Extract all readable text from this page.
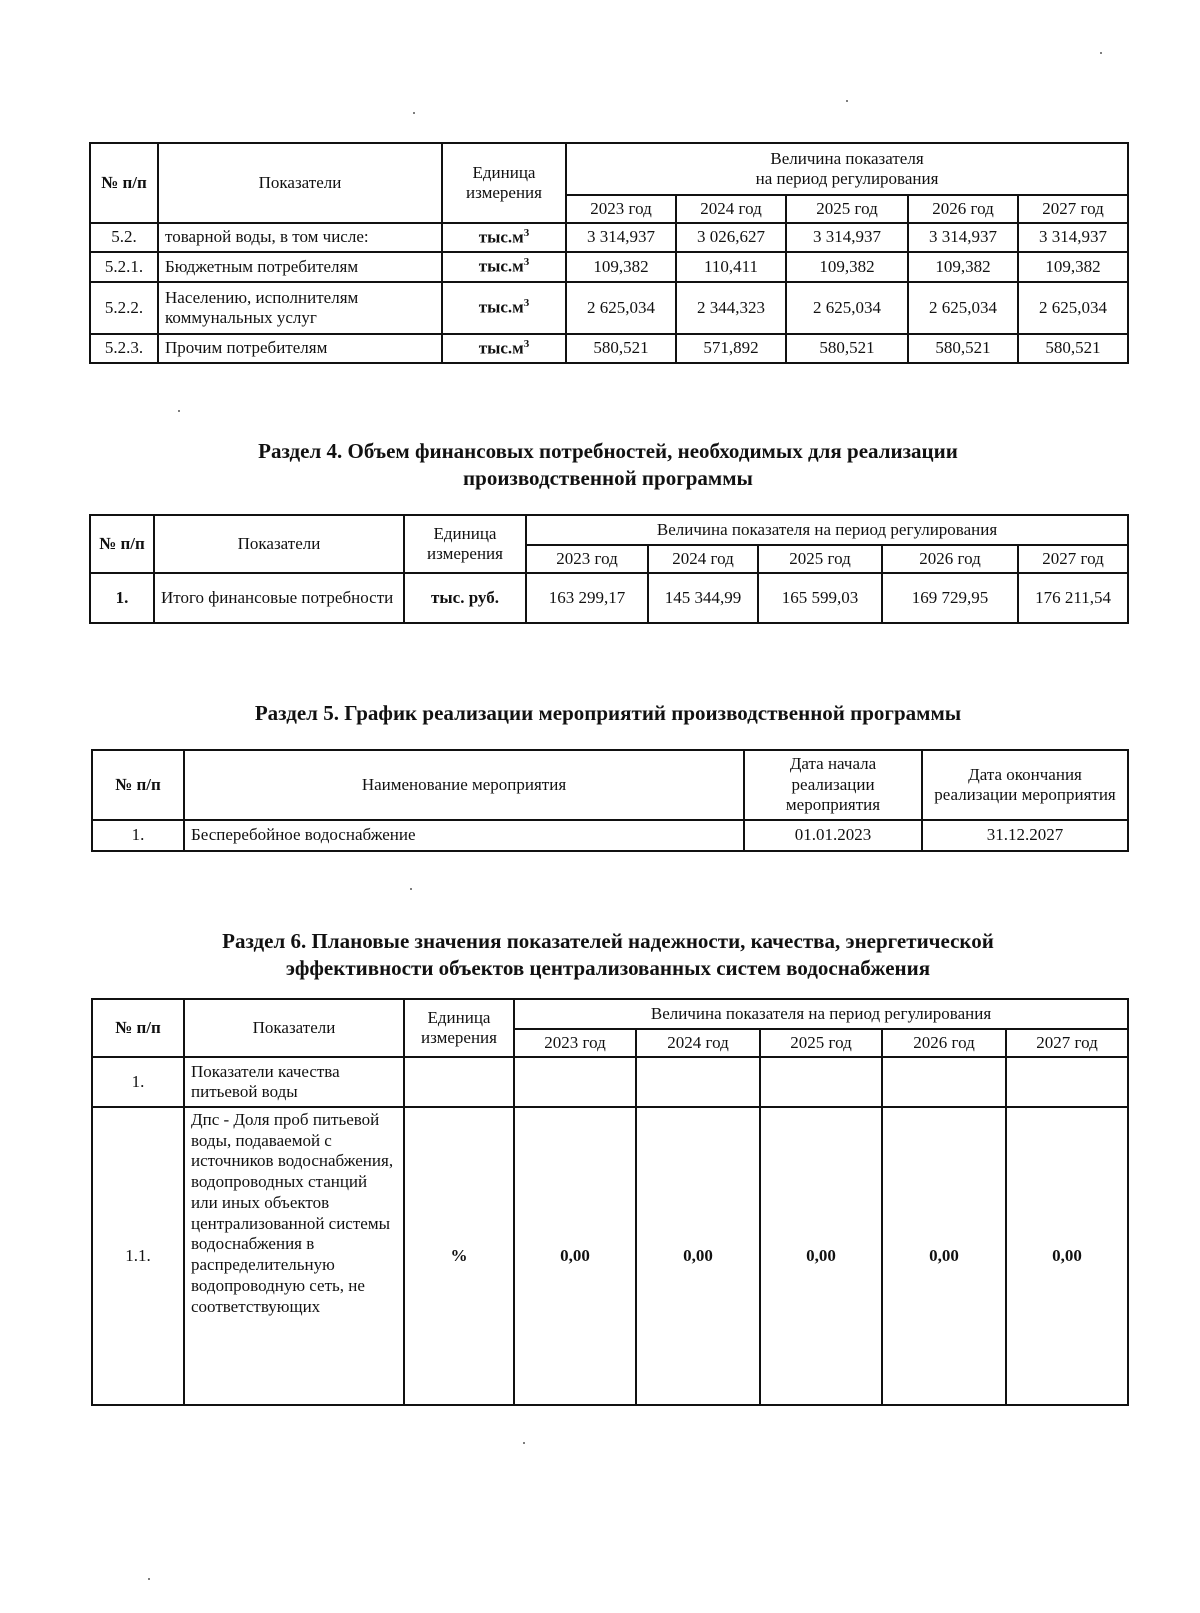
№ п/п	Показатели	Единица измерения	Величина показателя
на период регулирования				

			2023 год	2024 год	2025 год	2026 год	2027 год
5.2.	товарной воды, в том числе:	$тыс.м^3$	3 314,937	3 026,627	3 314,937	3 314,937	3 314,937
5.2.1.	Бюджетным потребителям	$тыс.м^3$	109,382	110,411	109,382	109,382	109,382
5.2.2.	Населению, исполнителям коммунальных услуг	$тыс.м^3$	2 625,034	2 344,323	2 625,034	2 625,034	2 625,034
5.2.3.	Прочим потребителям	$тыс.м^3$	580,521	571,892	580,521	580,521	580,521
Раздел 4. Объем финансовых потребностей, необходимых для реализации
производственной программы
№ п/п	Показатели	Единица измерения	Величина показателя на период регулирования				
			2023 год	2024 год	2025 год	2026 год	2027 год
1.	Итого финансовые потребности	тыс. руб.	163 299,17	145 344,99	165 599,03	169 729,95	176 211,54
Раздел 5. График реализации мероприятий производственной программы
№ п/п	Наименование мероприятия	Дата начала реализации мероприятия	Дата окончания реализации мероприятия
1.	Бесперебойное водоснабжение	01.01.2023	31.12.2027
Раздел 6. Плановые значения показателей надежности, качества, энергетической
эффективности объектов централизованных систем водоснабжения
№ п/п	Показатели	Единица измерения	Величина показателя на период регулирования				
			2023 год	2024 год	2025 год	2026 год	2027 год
1.	Показатели качества питьевой воды						
1.1.	Дпс - Доля проб питьевой воды, подаваемой с источников водоснабжения, водопроводных станций или иных объектов централизованной системы водоснабжения в распределительную водопроводную сеть, не соответствующих	%	0,00	0,00	0,00	0,00	0,00
